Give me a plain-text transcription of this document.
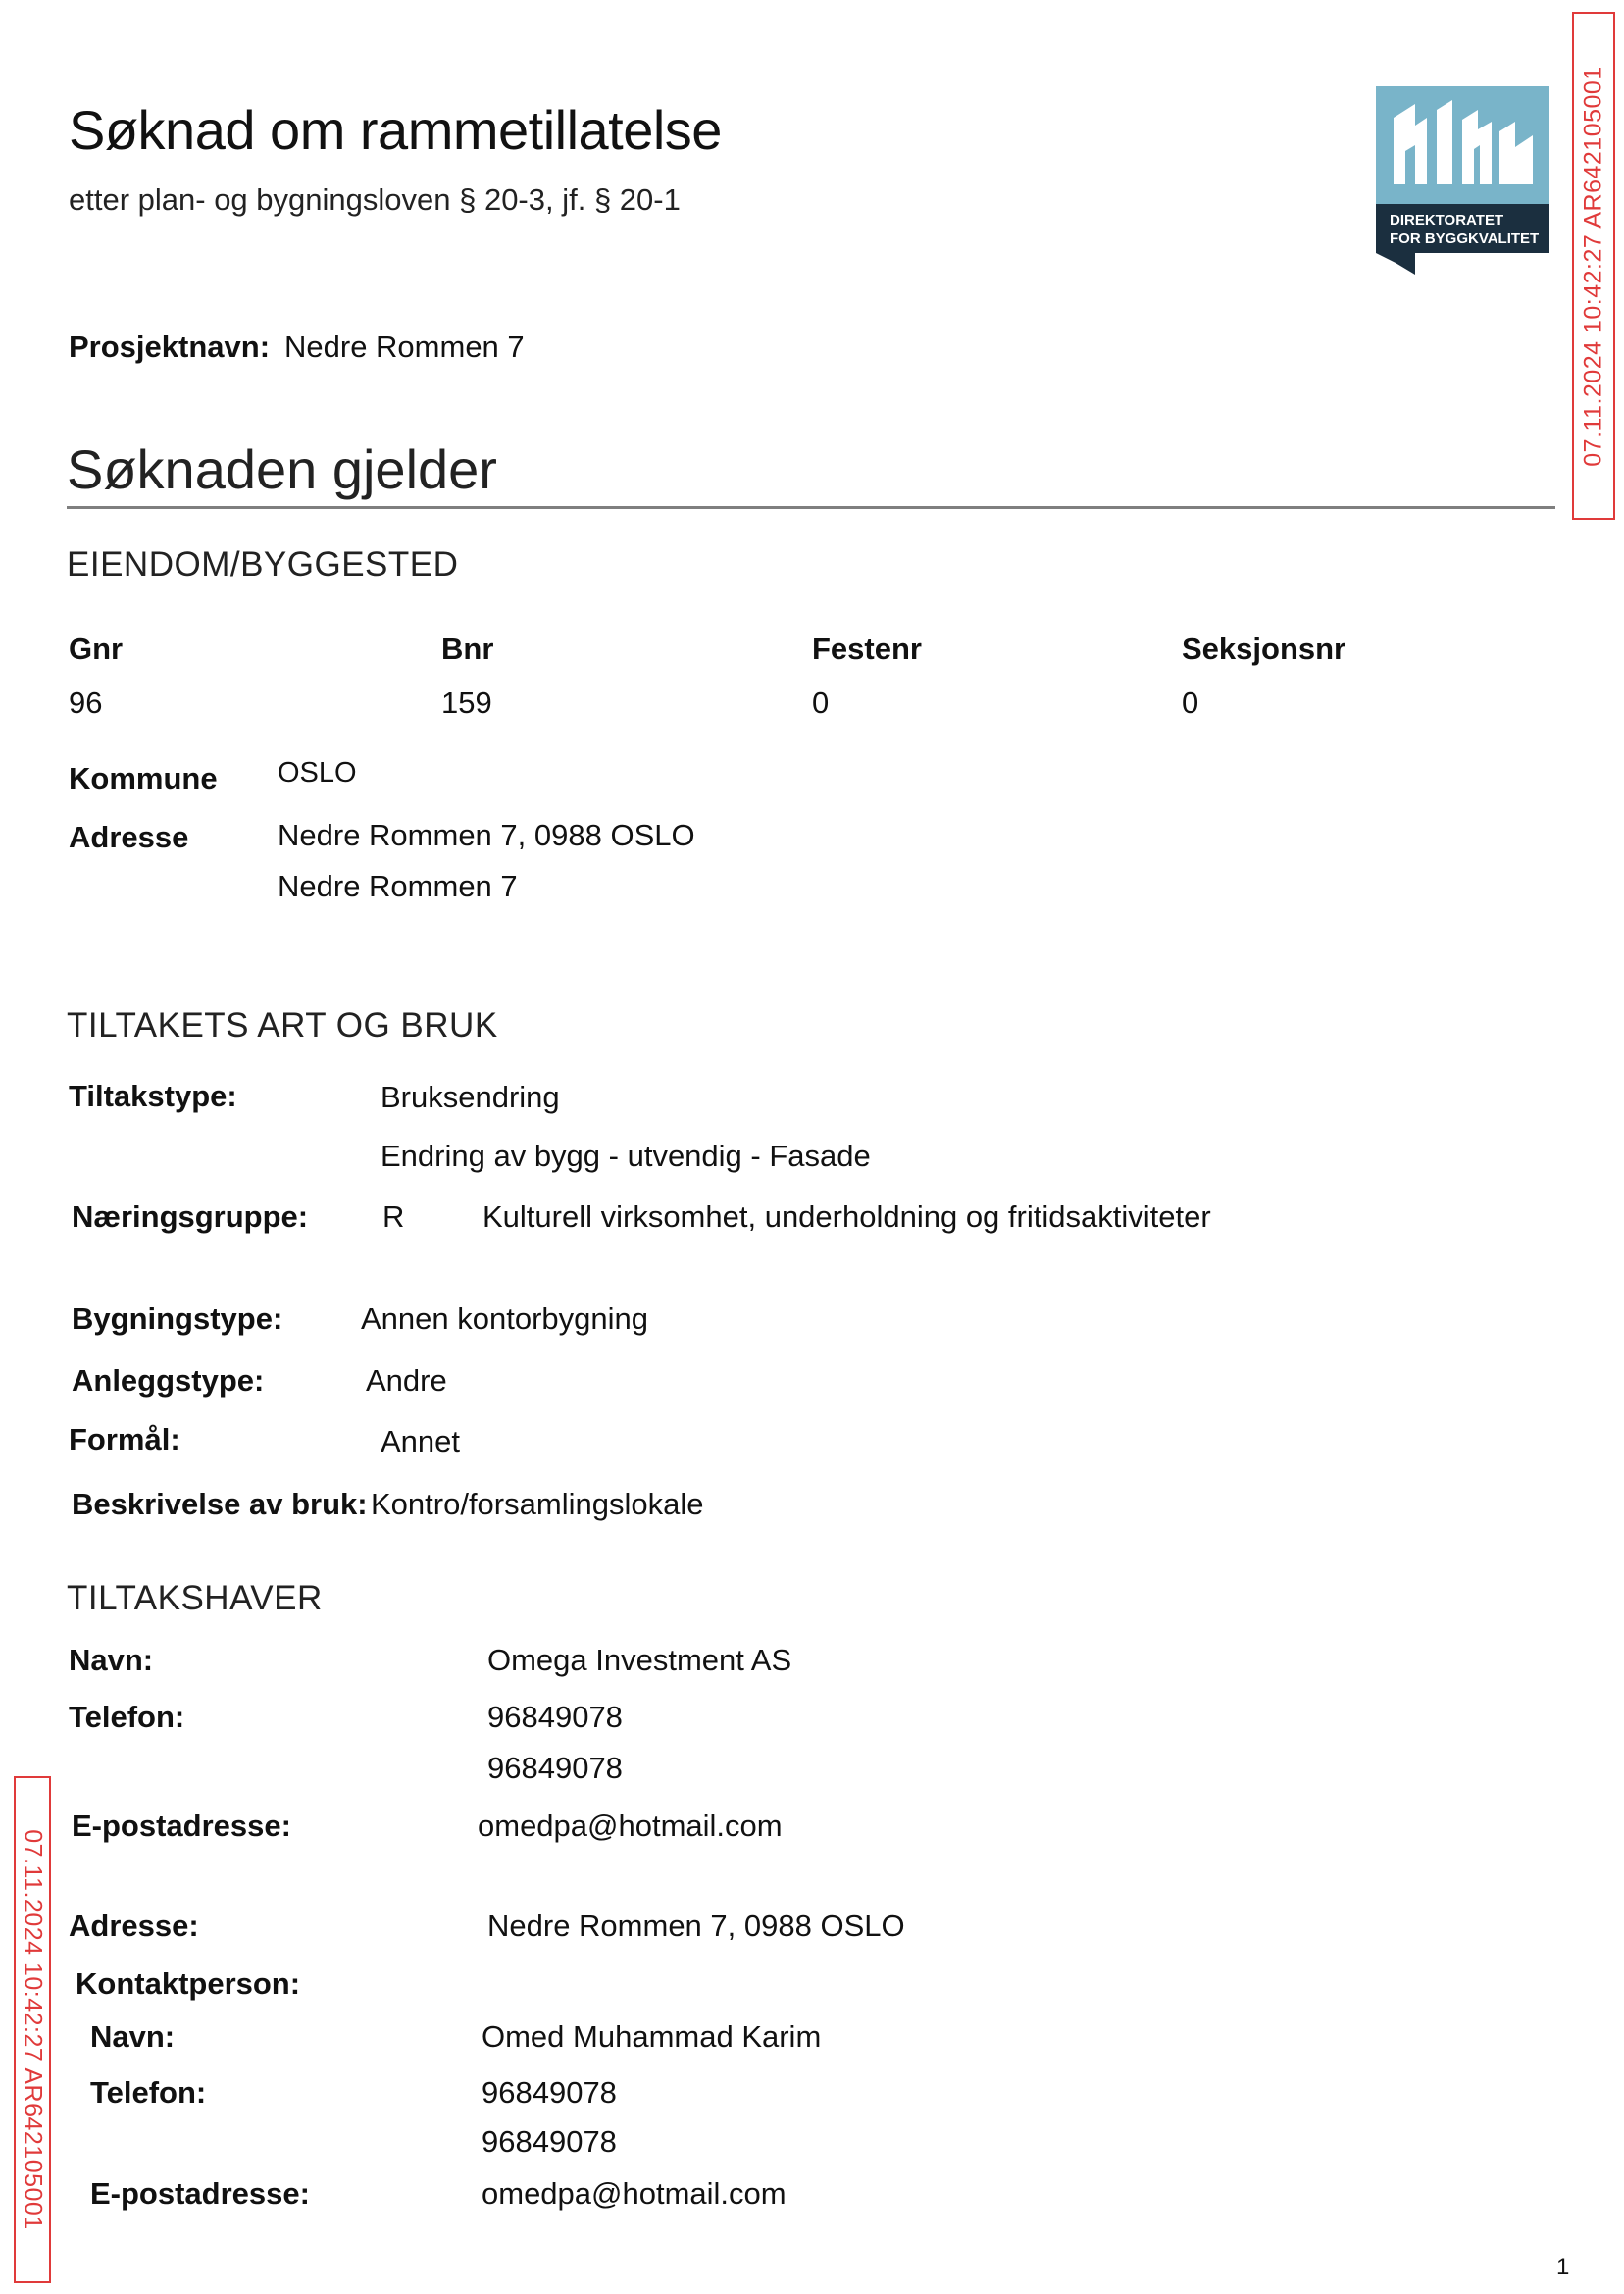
Søknad om rammetillatelse
etter plan- og bygningsloven § 20-3, jf. § 20-1
DIREKTORATET
FOR BYGGKVALITET 07.11.2024 10:42:27 AR642105001
07.11.2024 10:42:27 AR642105001
Prosjektnavn: Nedre Rommen 7
Søknaden gjelder
EIENDOM/BYGGESTED
Gnr	Bnr	Festenr	Seksjonsnr
96	159	0	0
Kommune OSLO
Adresse	Nedre Rommen 7, 0988 OSLO
Nedre Rommen 7
TILTAKETS ART OG BRUK
Tiltakstype:	Bruksendring
Endring av bygg - utvendig - Fasade
Næringsgruppe: R	Kulturell virksomhet, underholdning og fritidsaktiviteter
Bygningstype:	Annen kontorbygning
Anleggstype:	Andre
Formål:	Annet
Beskrivelse av bruk: Kontro/forsamlingslokale
TILTAKSHAVER
Navn:	Omega Investment AS
Telefon:	96849078
96849078
E-postadresse:	omedpa@hotmail.com
Adresse:	Nedre Rommen 7, 0988 OSLO
Kontaktperson:
Navn:	Omed Muhammad Karim
Telefon:	96849078
96849078
E-postadresse:	omedpa@hotmail.com
1
